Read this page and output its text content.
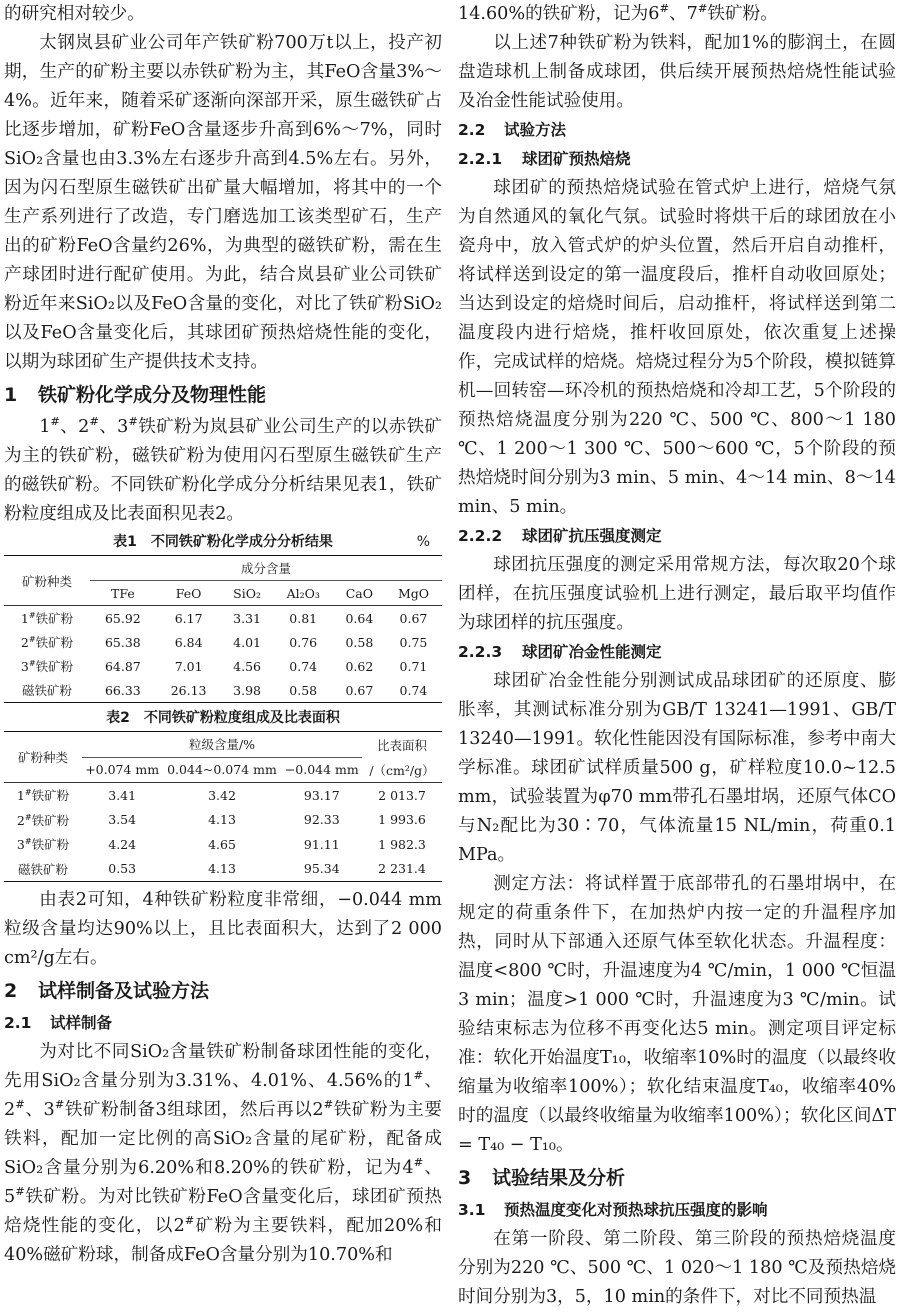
的研究相对较少。

太钢岚县矿业公司年产铁矿粉700万t以上，投产初期，生产的矿粉主要以赤铁矿粉为主，其FeO含量3%～4%。近年来，随着采矿逐渐向深部开采，原生磁铁矿占比逐步增加，矿粉FeO含量逐步升高到6%～7%，同时SiO₂含量也由3.3%左右逐步升高到4.5%左右。另外，因为闪石型原生磁铁矿出矿量大幅增加，将其中的一个生产系列进行了改造，专门磨选加工该类型矿石，生产出的矿粉FeO含量约26%，为典型的磁铁矿粉，需在生产球团时进行配矿使用。为此，结合岚县矿业公司铁矿粉近年来SiO₂以及FeO含量的变化，对比了铁矿粉SiO₂以及FeO含量变化后，其球团矿预热焙烧性能的变化，以期为球团矿生产提供技术支持。

1 铁矿粉化学成分及物理性能

1#、2#、3#铁矿粉为岚县矿业公司生产的以赤铁矿为主的铁矿粉，磁铁矿粉为使用闪石型原生磁铁矿生产的磁铁矿粉。不同铁矿粉化学成分分析结果见表1，铁矿粉粒度组成及比表面积见表2。

表1　不同铁矿粉化学成分分析结果	%
矿粉种类	成分含量					
	TFe	FeO	SiO₂	Al₂O₃	CaO	MgO
1#铁矿粉	65.92	6.17	3.31	0.81	0.64	0.67
2#铁矿粉	65.38	6.84	4.01	0.76	0.58	0.75
3#铁矿粉	64.87	7.01	4.56	0.74	0.62	0.71
磁铁矿粉	66.33	26.13	3.98	0.58	0.67	0.74
表2　不同铁矿粉粒度组成及比表面积
矿粉种类	粒级含量/%			比表面积
	+0.074 mm	0.044~0.074 mm	−0.044 mm	/（cm²/g）
1#铁矿粉	3.41	3.42	93.17	2 013.7
2#铁矿粉	3.54	4.13	92.33	1 993.6
3#铁矿粉	4.24	4.65	91.11	1 982.3
磁铁矿粉	0.53	4.13	95.34	2 231.4

由表2可知，4种铁矿粉粒度非常细，−0.044 mm粒级含量均达90%以上，且比表面积大，达到了2 000 cm²/g左右。

2 试样制备及试验方法
2.1 试样制备

为对比不同SiO₂含量铁矿粉制备球团性能的变化，先用SiO₂含量分别为3.31%、4.01%、4.56%的1#、2#、3#铁矿粉制备3组球团，然后再以2#铁矿粉为主要铁料，配加一定比例的高SiO₂含量的尾矿粉，配备成SiO₂含量分别为6.20%和8.20%的铁矿粉，记为4#、5#铁矿粉。为对比铁矿粉FeO含量变化后，球团矿预热焙烧性能的变化，以2#矿粉为主要铁料，配加20%和40%磁矿粉球，制备成FeO含量分别为10.70%和

14.60%的铁矿粉，记为6#、7#铁矿粉。

以上述7种铁矿粉为铁料，配加1%的膨润土，在圆盘造球机上制备成球团，供后续开展预热焙烧性能试验及冶金性能试验使用。

2.2 试验方法
2.2.1 球团矿预热焙烧

球团矿的预热焙烧试验在管式炉上进行，焙烧气氛为自然通风的氧化气氛。试验时将烘干后的球团放在小瓷舟中，放入管式炉的炉头位置，然后开启自动推杆，将试样送到设定的第一温度段后，推杆自动收回原处；当达到设定的焙烧时间后，启动推杆，将试样送到第二温度段内进行焙烧，推杆收回原处，依次重复上述操作，完成试样的焙烧。焙烧过程分为5个阶段，模拟链算机—回转窑—环冷机的预热焙烧和冷却工艺，5个阶段的预热焙烧温度分别为220 ℃、500 ℃、800～1 180 ℃、1 200～1 300 ℃、500～600 ℃，5个阶段的预热焙烧时间分别为3 min、5 min、4～14 min、8～14 min、5 min。

2.2.2 球团矿抗压强度测定

球团抗压强度的测定采用常规方法，每次取20个球团样，在抗压强度试验机上进行测定，最后取平均值作为球团样的抗压强度。

2.2.3 球团矿冶金性能测定

球团矿冶金性能分别测试成品球团矿的还原度、膨胀率，其测试标准分别为GB/T 13241—1991、GB/T 13240—1991。软化性能因没有国际标准，参考中南大学标准。球团矿试样质量500 g，矿样粒度10.0~12.5 mm，试验装置为φ70 mm带孔石墨坩埚，还原气体CO与N₂配比为30∶70，气体流量15 NL/min，荷重0.1 MPa。

测定方法：将试样置于底部带孔的石墨坩埚中，在规定的荷重条件下，在加热炉内按一定的升温程序加热，同时从下部通入还原气体至软化状态。升温程度：温度<800 ℃时，升温速度为4 ℃/min，1 000 ℃恒温3 min；温度>1 000 ℃时，升温速度为3 ℃/min。试验结束标志为位移不再变化达5 min。测定项目评定标准：软化开始温度T₁₀，收缩率10%时的温度（以最终收缩量为收缩率100%）；软化结束温度T₄₀，收缩率40%时的温度（以最终收缩量为收缩率100%）；软化区间ΔT = T₄₀ − T₁₀。

3 试验结果及分析
3.1 预热温度变化对预热球抗压强度的影响

在第一阶段、第二阶段、第三阶段的预热焙烧温度分别为220 ℃、500 ℃、1 020～1 180 ℃及预热焙烧时间分别为3，5，10 min的条件下，对比不同预热温
